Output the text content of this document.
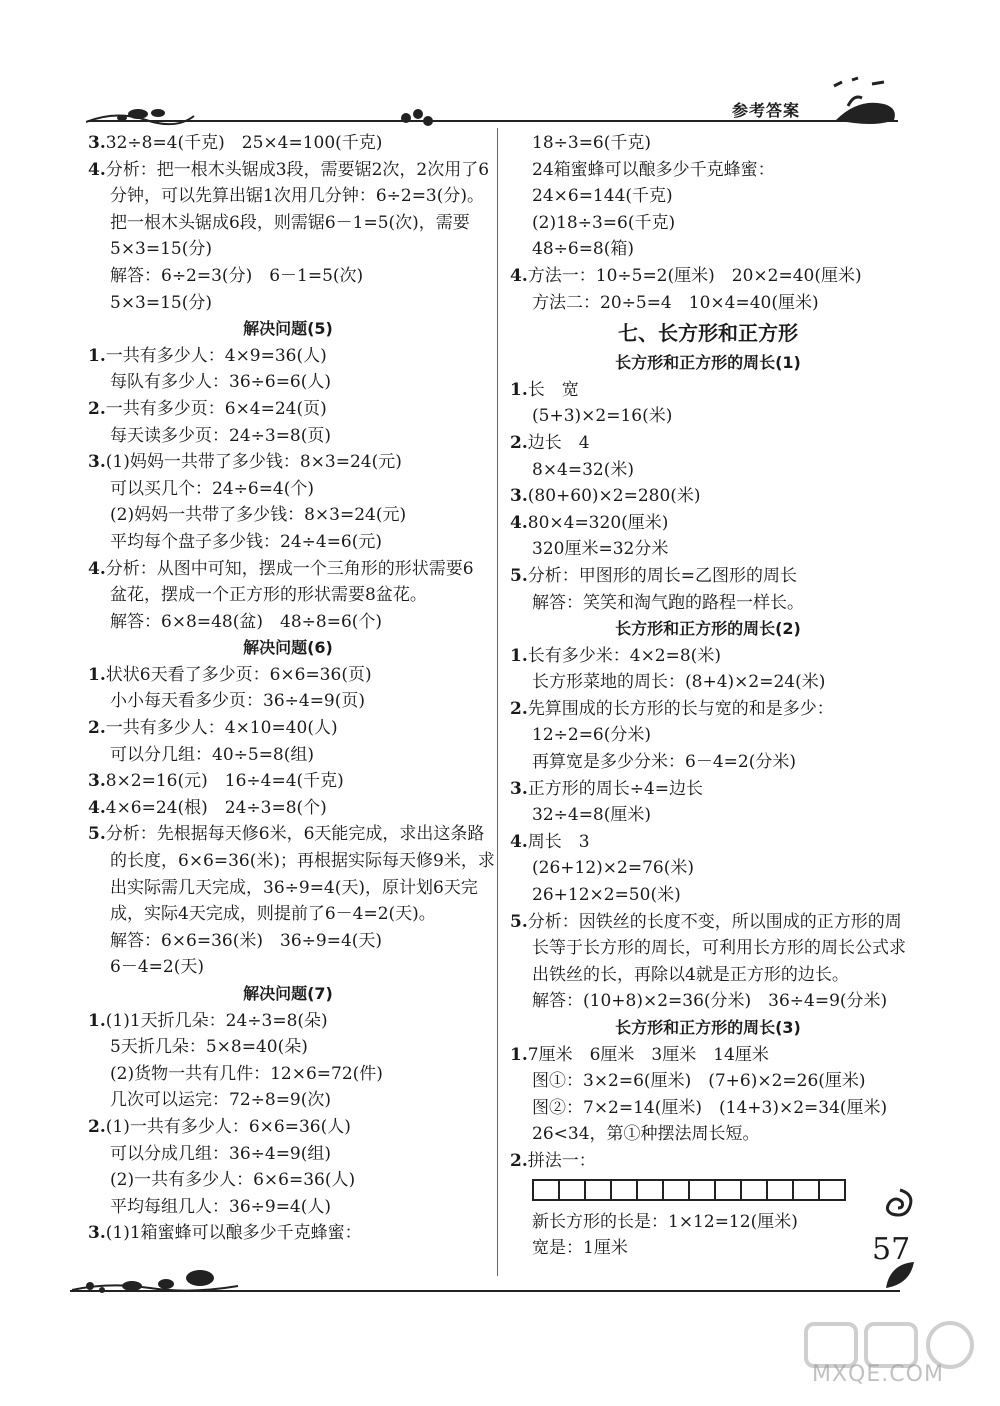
参考答案
3.32÷8=4(千克)　25×4=100(千克)
4.分析：把一根木头锯成3段，需要锯2次，2次用了6
分钟，可以先算出锯1次用几分钟：6÷2=3(分)。
把一根木头锯成6段，则需锯6－1=5(次)，需要
5×3=15(分)
解答：6÷2=3(分)　6－1=5(次)
5×3=15(分)
解决问题(5)
1.一共有多少人：4×9=36(人)
每队有多少人：36÷6=6(人)
2.一共有多少页：6×4=24(页)
每天读多少页：24÷3=8(页)
3.(1)妈妈一共带了多少钱：8×3=24(元)
可以买几个：24÷6=4(个)
(2)妈妈一共带了多少钱：8×3=24(元)
平均每个盘子多少钱：24÷4=6(元)
4.分析：从图中可知，摆成一个三角形的形状需要6
盆花，摆成一个正方形的形状需要8盆花。
解答：6×8=48(盆)　48÷8=6(个)
解决问题(6)
1.状状6天看了多少页：6×6=36(页)
小小每天看多少页：36÷4=9(页)
2.一共有多少人：4×10=40(人)
可以分几组：40÷5=8(组)
3.8×2=16(元)　16÷4=4(千克)
4.4×6=24(根)　24÷3=8(个)
5.分析：先根据每天修6米，6天能完成，求出这条路
的长度，6×6=36(米)；再根据实际每天修9米，求
出实际需几天完成，36÷9=4(天)，原计划6天完
成，实际4天完成，则提前了6－4=2(天)。
解答：6×6=36(米)　36÷9=4(天)
6－4=2(天)
解决问题(7)
1.(1)1天折几朵：24÷3=8(朵)
5天折几朵：5×8=40(朵)
(2)货物一共有几件：12×6=72(件)
几次可以运完：72÷8=9(次)
2.(1)一共有多少人：6×6=36(人)
可以分成几组：36÷4=9(组)
(2)一共有多少人：6×6=36(人)
平均每组几人：36÷9=4(人)
3.(1)1箱蜜蜂可以酿多少千克蜂蜜：
18÷3=6(千克)
24箱蜜蜂可以酿多少千克蜂蜜：
24×6=144(千克)
(2)18÷3=6(千克)
48÷6=8(箱)
4.方法一：10÷5=2(厘米)　20×2=40(厘米)
方法二：20÷5=4　10×4=40(厘米)
七、长方形和正方形
长方形和正方形的周长(1)
1.长　宽
(5+3)×2=16(米)
2.边长　4
8×4=32(米)
3.(80+60)×2=280(米)
4.80×4=320(厘米)
320厘米=32分米
5.分析：甲图形的周长=乙图形的周长
解答：笑笑和淘气跑的路程一样长。
长方形和正方形的周长(2)
1.长有多少米：4×2=8(米)
长方形菜地的周长：(8+4)×2=24(米)
2.先算围成的长方形的长与宽的和是多少：
12÷2=6(分米)
再算宽是多少分米：6－4=2(分米)
3.正方形的周长÷4=边长
32÷4=8(厘米)
4.周长　3
(26+12)×2=76(米)
26+12×2=50(米)
5.分析：因铁丝的长度不变，所以围成的正方形的周
长等于长方形的周长，可利用长方形的周长公式求
出铁丝的长，再除以4就是正方形的边长。
解答：(10+8)×2=36(分米)　36÷4=9(分米)
长方形和正方形的周长(3)
1.7厘米　6厘米　3厘米　14厘米
图①：3×2=6(厘米)　(7+6)×2=26(厘米)
图②：7×2=14(厘米)　(14+3)×2=34(厘米)
26<34，第①种摆法周长短。
2.拼法一：
新长方形的长是：1×12=12(厘米)
宽是：1厘米	57
MXQE.COM
